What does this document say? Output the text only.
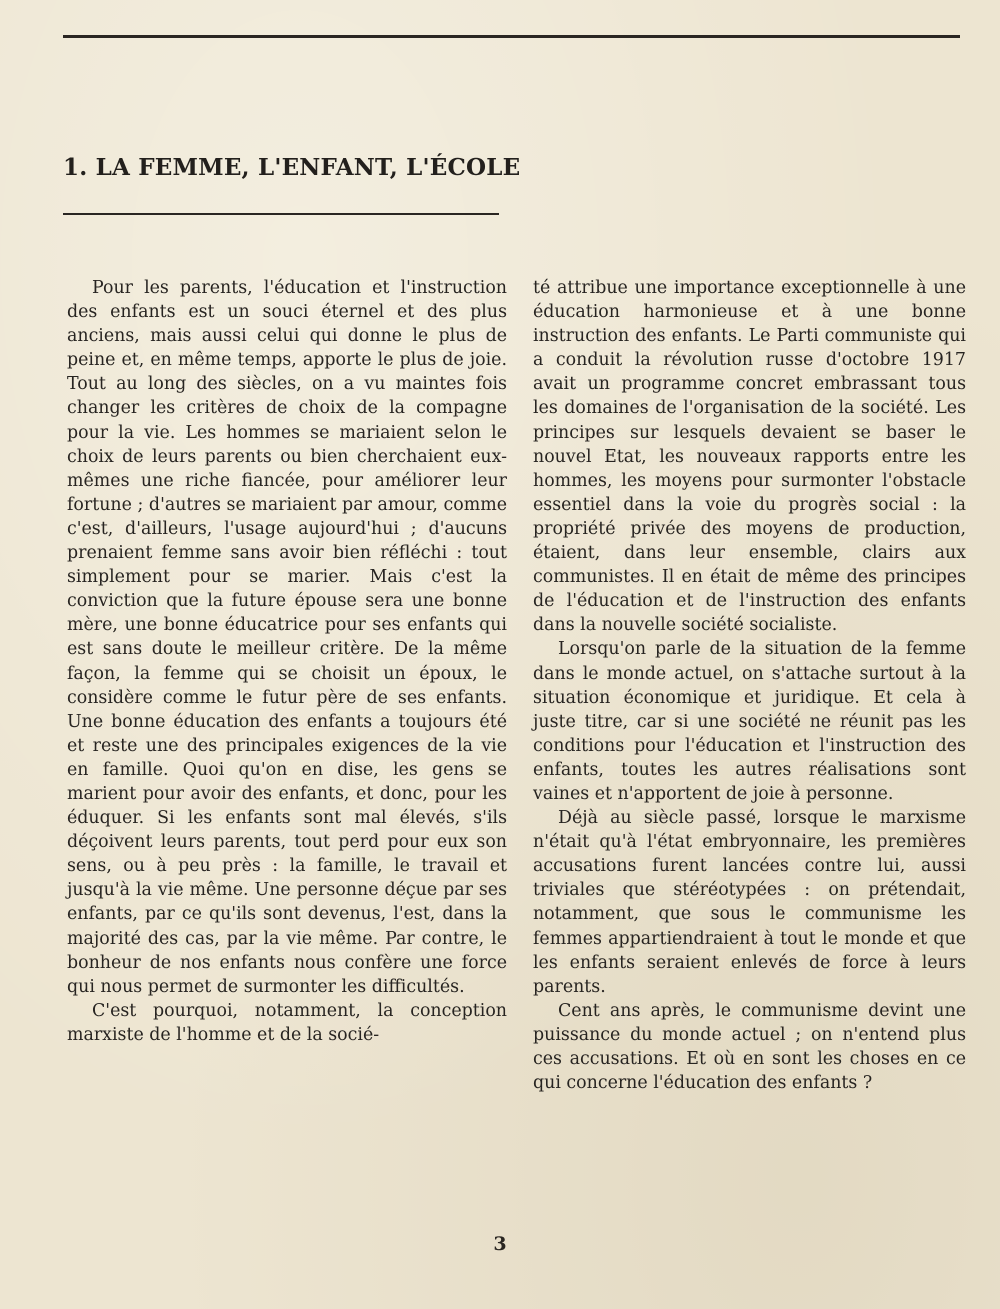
1. LA FEMME, L'ENFANT, L'ÉCOLE

Pour les parents, l'éducation et l'instruction des enfants est un souci éternel et des plus anciens, mais aussi celui qui donne le plus de peine et, en même temps, apporte le plus de joie. Tout au long des siècles, on a vu maintes fois changer les critères de choix de la compagne pour la vie. Les hommes se mariaient selon le choix de leurs parents ou bien cherchaient eux-mêmes une riche fiancée, pour améliorer leur fortune ; d'autres se mariaient par amour, comme c'est, d'ailleurs, l'usage aujourd'hui ; d'aucuns prenaient femme sans avoir bien réfléchi : tout simplement pour se marier. Mais c'est la conviction que la future épouse sera une bonne mère, une bonne éducatrice pour ses enfants qui est sans doute le meilleur critère. De la même façon, la femme qui se choisit un époux, le considère comme le futur père de ses enfants. Une bonne éducation des enfants a toujours été et reste une des principales exigences de la vie en famille. Quoi qu'on en dise, les gens se marient pour avoir des enfants, et donc, pour les éduquer. Si les enfants sont mal élevés, s'ils déçoivent leurs parents, tout perd pour eux son sens, ou à peu près : la famille, le travail et jusqu'à la vie même. Une personne déçue par ses enfants, par ce qu'ils sont devenus, l'est, dans la majorité des cas, par la vie même. Par contre, le bonheur de nos enfants nous confère une force qui nous permet de surmonter les difficultés.

C'est pourquoi, notamment, la conception marxiste de l'homme et de la socié-

té attribue une importance exceptionnelle à une éducation harmonieuse et à une bonne instruction des enfants. Le Parti communiste qui a conduit la révolution russe d'octobre 1917 avait un programme concret embrassant tous les domaines de l'organisation de la société. Les principes sur lesquels devaient se baser le nouvel Etat, les nouveaux rapports entre les hommes, les moyens pour surmonter l'obstacle essentiel dans la voie du progrès social : la propriété privée des moyens de production, étaient, dans leur ensemble, clairs aux communistes. Il en était de même des principes de l'éducation et de l'instruction des enfants dans la nouvelle société socialiste.

Lorsqu'on parle de la situation de la femme dans le monde actuel, on s'attache surtout à la situation économique et juridique. Et cela à juste titre, car si une société ne réunit pas les conditions pour l'éducation et l'instruction des enfants, toutes les autres réalisations sont vaines et n'apportent de joie à personne.

Déjà au siècle passé, lorsque le marxisme n'était qu'à l'état embryonnaire, les premières accusations furent lancées contre lui, aussi triviales que stéréotypées : on prétendait, notamment, que sous le communisme les femmes appartiendraient à tout le monde et que les enfants seraient enlevés de force à leurs parents.

Cent ans après, le communisme devint une puissance du monde actuel ; on n'entend plus ces accusations. Et où en sont les choses en ce qui concerne l'éducation des enfants ?

3
